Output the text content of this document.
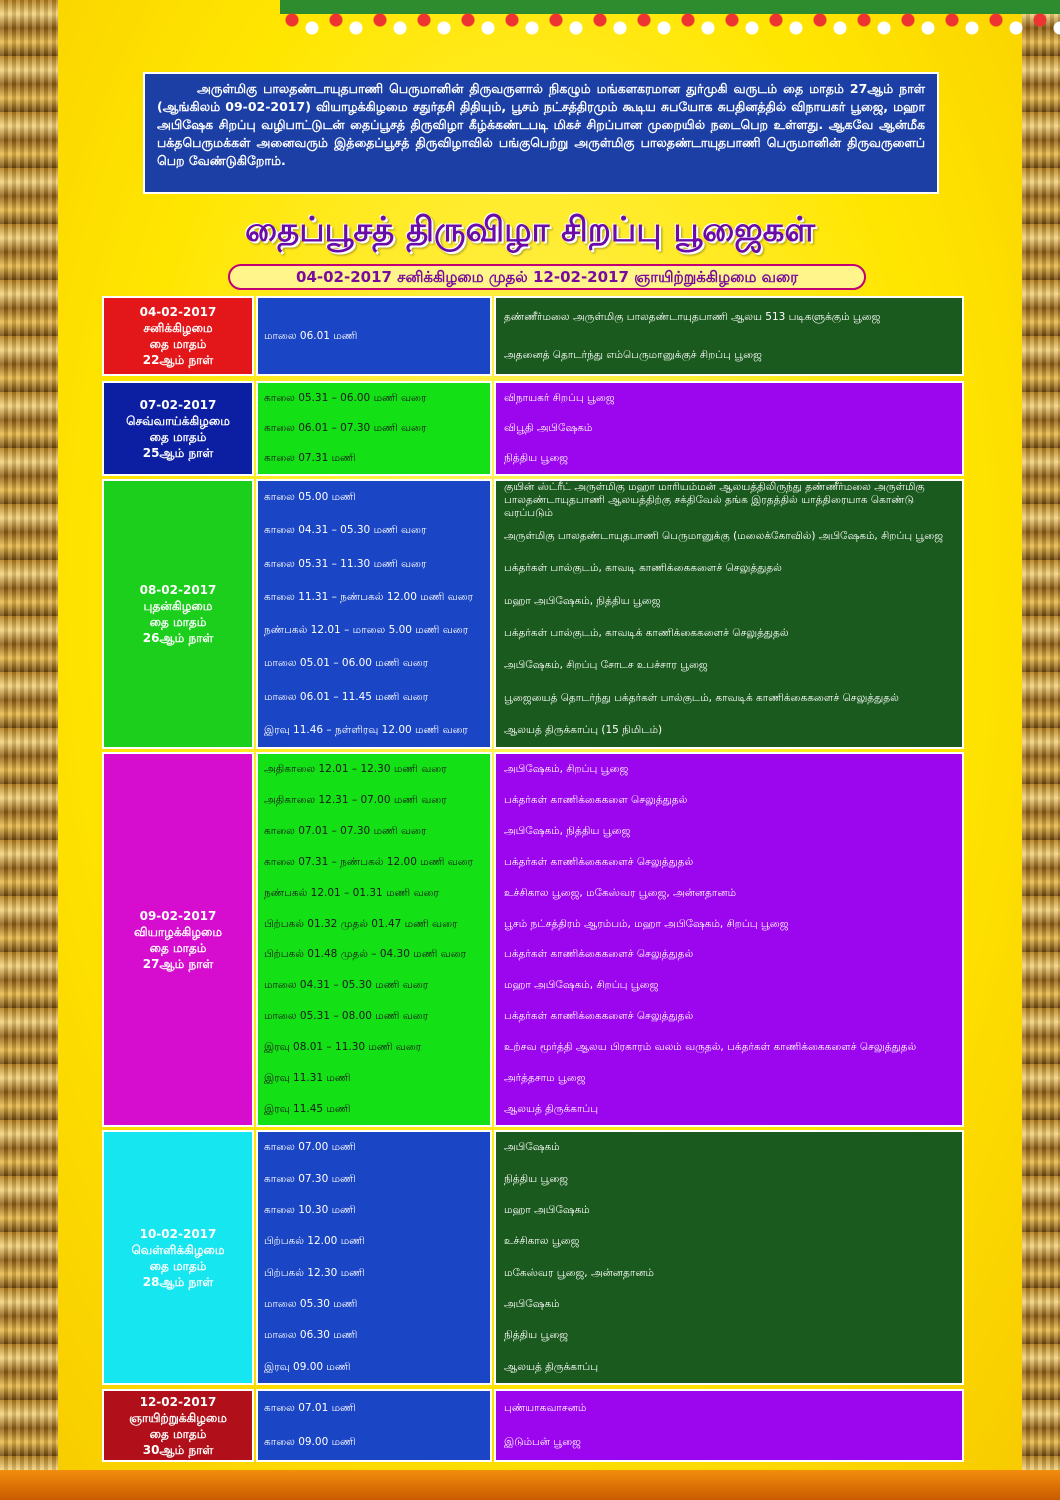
அருள்மிகு பாலதண்டாயுதபாணி பெருமானின் திருவருளால் நிகழும் மங்களகரமான துர்முகி வருடம் தை மாதம் 27ஆம் நாள் (ஆங்கிலம் 09-02-2017) வியாழக்கிழமை சதுர்தசி திதியும், பூசம் நட்சத்திரமும் கூடிய சுபயோக சுபதினத்தில் விநாயகர் பூஜை, மஹா அபிஷேக சிறப்பு வழிபாட்டுடன் தைப்பூசத் திருவிழா கீழ்க்கண்டபடி மிகச் சிறப்பான முறையில் நடைபெற உள்ளது. ஆகவே ஆன்மீக பக்தபெருமக்கள் அனைவரும் இத்தைப்பூசத் திருவிழாவில் பங்குபெற்று அருள்மிகு பாலதண்டாயுதபாணி பெருமானின் திருவருளைப் பெற வேண்டுகிறோம்.
தைப்பூசத் திருவிழா சிறப்பு பூஜைகள்
04-02-2017 சனிக்கிழமை முதல் 12-02-2017 ஞாயிற்றுக்கிழமை வரை
04-02-2017
சனிக்கிழமை
தை மாதம்
22ஆம் நாள்
மாலை 06.01 மணி
தண்ணீர்மலை அருள்மிகு பாலதண்டாயுதபாணி ஆலய 513 படிகளுக்கும் பூஜை
அதனைத் தொடர்ந்து எம்பெருமானுக்குச் சிறப்பு பூஜை
07-02-2017
செவ்வாய்க்கிழமை
தை மாதம்
25ஆம் நாள்
காலை 05.31 – 06.00 மணி வரை
காலை 06.01 – 07.30 மணி வரை
காலை 07.31 மணி
விநாயகர் சிறப்பு பூஜை
விபூதி அபிஷேகம்
நித்திய பூஜை
08-02-2017
புதன்கிழமை
தை மாதம்
26ஆம் நாள்
காலை 05.00 மணி
காலை 04.31 – 05.30 மணி வரை
காலை 05.31 – 11.30 மணி வரை
காலை 11.31 – நண்பகல் 12.00 மணி வரை
நண்பகல் 12.01 – மாலை 5.00 மணி வரை
மாலை 05.01 – 06.00 மணி வரை
மாலை 06.01 – 11.45 மணி வரை
இரவு 11.46 – நள்ளிரவு 12.00 மணி வரை
குயின் ஸ்ட்ரீட் அருள்மிகு மஹா மாரியம்மன் ஆலயத்திலிருந்து தண்ணீர்மலை அருள்மிகு பாலதண்டாயுதபாணி ஆலயத்திற்கு சக்திவேல் தங்க இரதத்தில் யாத்திரையாக கொண்டு வரப்படும்
அருள்மிகு பாலதண்டாயுதபாணி பெருமானுக்கு (மலைக்கோவில்) அபிஷேகம், சிறப்பு பூஜை
பக்தர்கள் பால்குடம், காவடி காணிக்கைகளைச் செலுத்துதல்
மஹா அபிஷேகம், நித்திய பூஜை
பக்தர்கள் பால்குடம், காவடிக் காணிக்கைகளைச் செலுத்துதல்
அபிஷேகம், சிறப்பு சோடச உபச்சார பூஜை
பூஜையைத் தொடர்ந்து பக்தர்கள் பால்குடம், காவடிக் காணிக்கைகளைச் செலுத்துதல்
ஆலயத் திருக்காப்பு (15 நிமிடம்)
09-02-2017
வியாழக்கிழமை
தை மாதம்
27ஆம் நாள்
அதிகாலை 12.01 – 12.30 மணி வரை
அதிகாலை 12.31 – 07.00 மணி வரை
காலை 07.01 – 07.30 மணி வரை
காலை 07.31 – நண்பகல் 12.00 மணி வரை
நண்பகல் 12.01 – 01.31 மணி வரை
பிற்பகல் 01.32 முதல் 01.47 மணி வரை
பிற்பகல் 01.48 முதல் – 04.30 மணி வரை
மாலை 04.31 – 05.30 மணி வரை
மாலை 05.31 – 08.00 மணி வரை
இரவு 08.01 – 11.30 மணி வரை
இரவு 11.31 மணி
இரவு 11.45 மணி
அபிஷேகம், சிறப்பு பூஜை
பக்தர்கள் காணிக்கைகளை செலுத்துதல்
அபிஷேகம், நித்திய பூஜை
பக்தர்கள் காணிக்கைகளைச் செலுத்துதல்
உச்சிகால பூஜை, மகேஸ்வர பூஜை, அன்னதானம்
பூசம் நட்சத்திரம் ஆரம்பம், மஹா அபிஷேகம், சிறப்பு பூஜை
பக்தர்கள் காணிக்கைகளைச் செலுத்துதல்
மஹா அபிஷேகம், சிறப்பு பூஜை
பக்தர்கள் காணிக்கைகளைச் செலுத்துதல்
உற்சவ மூர்த்தி ஆலய பிரகாரம் வலம் வருதல், பக்தர்கள் காணிக்கைகளைச் செலுத்துதல்
அர்த்தசாம பூஜை
ஆலயத் திருக்காப்பு
10-02-2017
வெள்ளிக்கிழமை
தை மாதம்
28ஆம் நாள்
காலை 07.00 மணி
காலை 07.30 மணி
காலை 10.30 மணி
பிற்பகல் 12.00 மணி
பிற்பகல் 12.30 மணி
மாலை 05.30 மணி
மாலை 06.30 மணி
இரவு 09.00 மணி
அபிஷேகம்
நித்திய பூஜை
மஹா அபிஷேகம்
உச்சிகால பூஜை
மகேஸ்வர பூஜை, அன்னதானம்
அபிஷேகம்
நித்திய பூஜை
ஆலயத் திருக்காப்பு
12-02-2017
ஞாயிற்றுக்கிழமை
தை மாதம்
30ஆம் நாள்
காலை 07.01 மணி
காலை 09.00 மணி
புண்யாகவாசனம்
இடும்பன் பூஜை
